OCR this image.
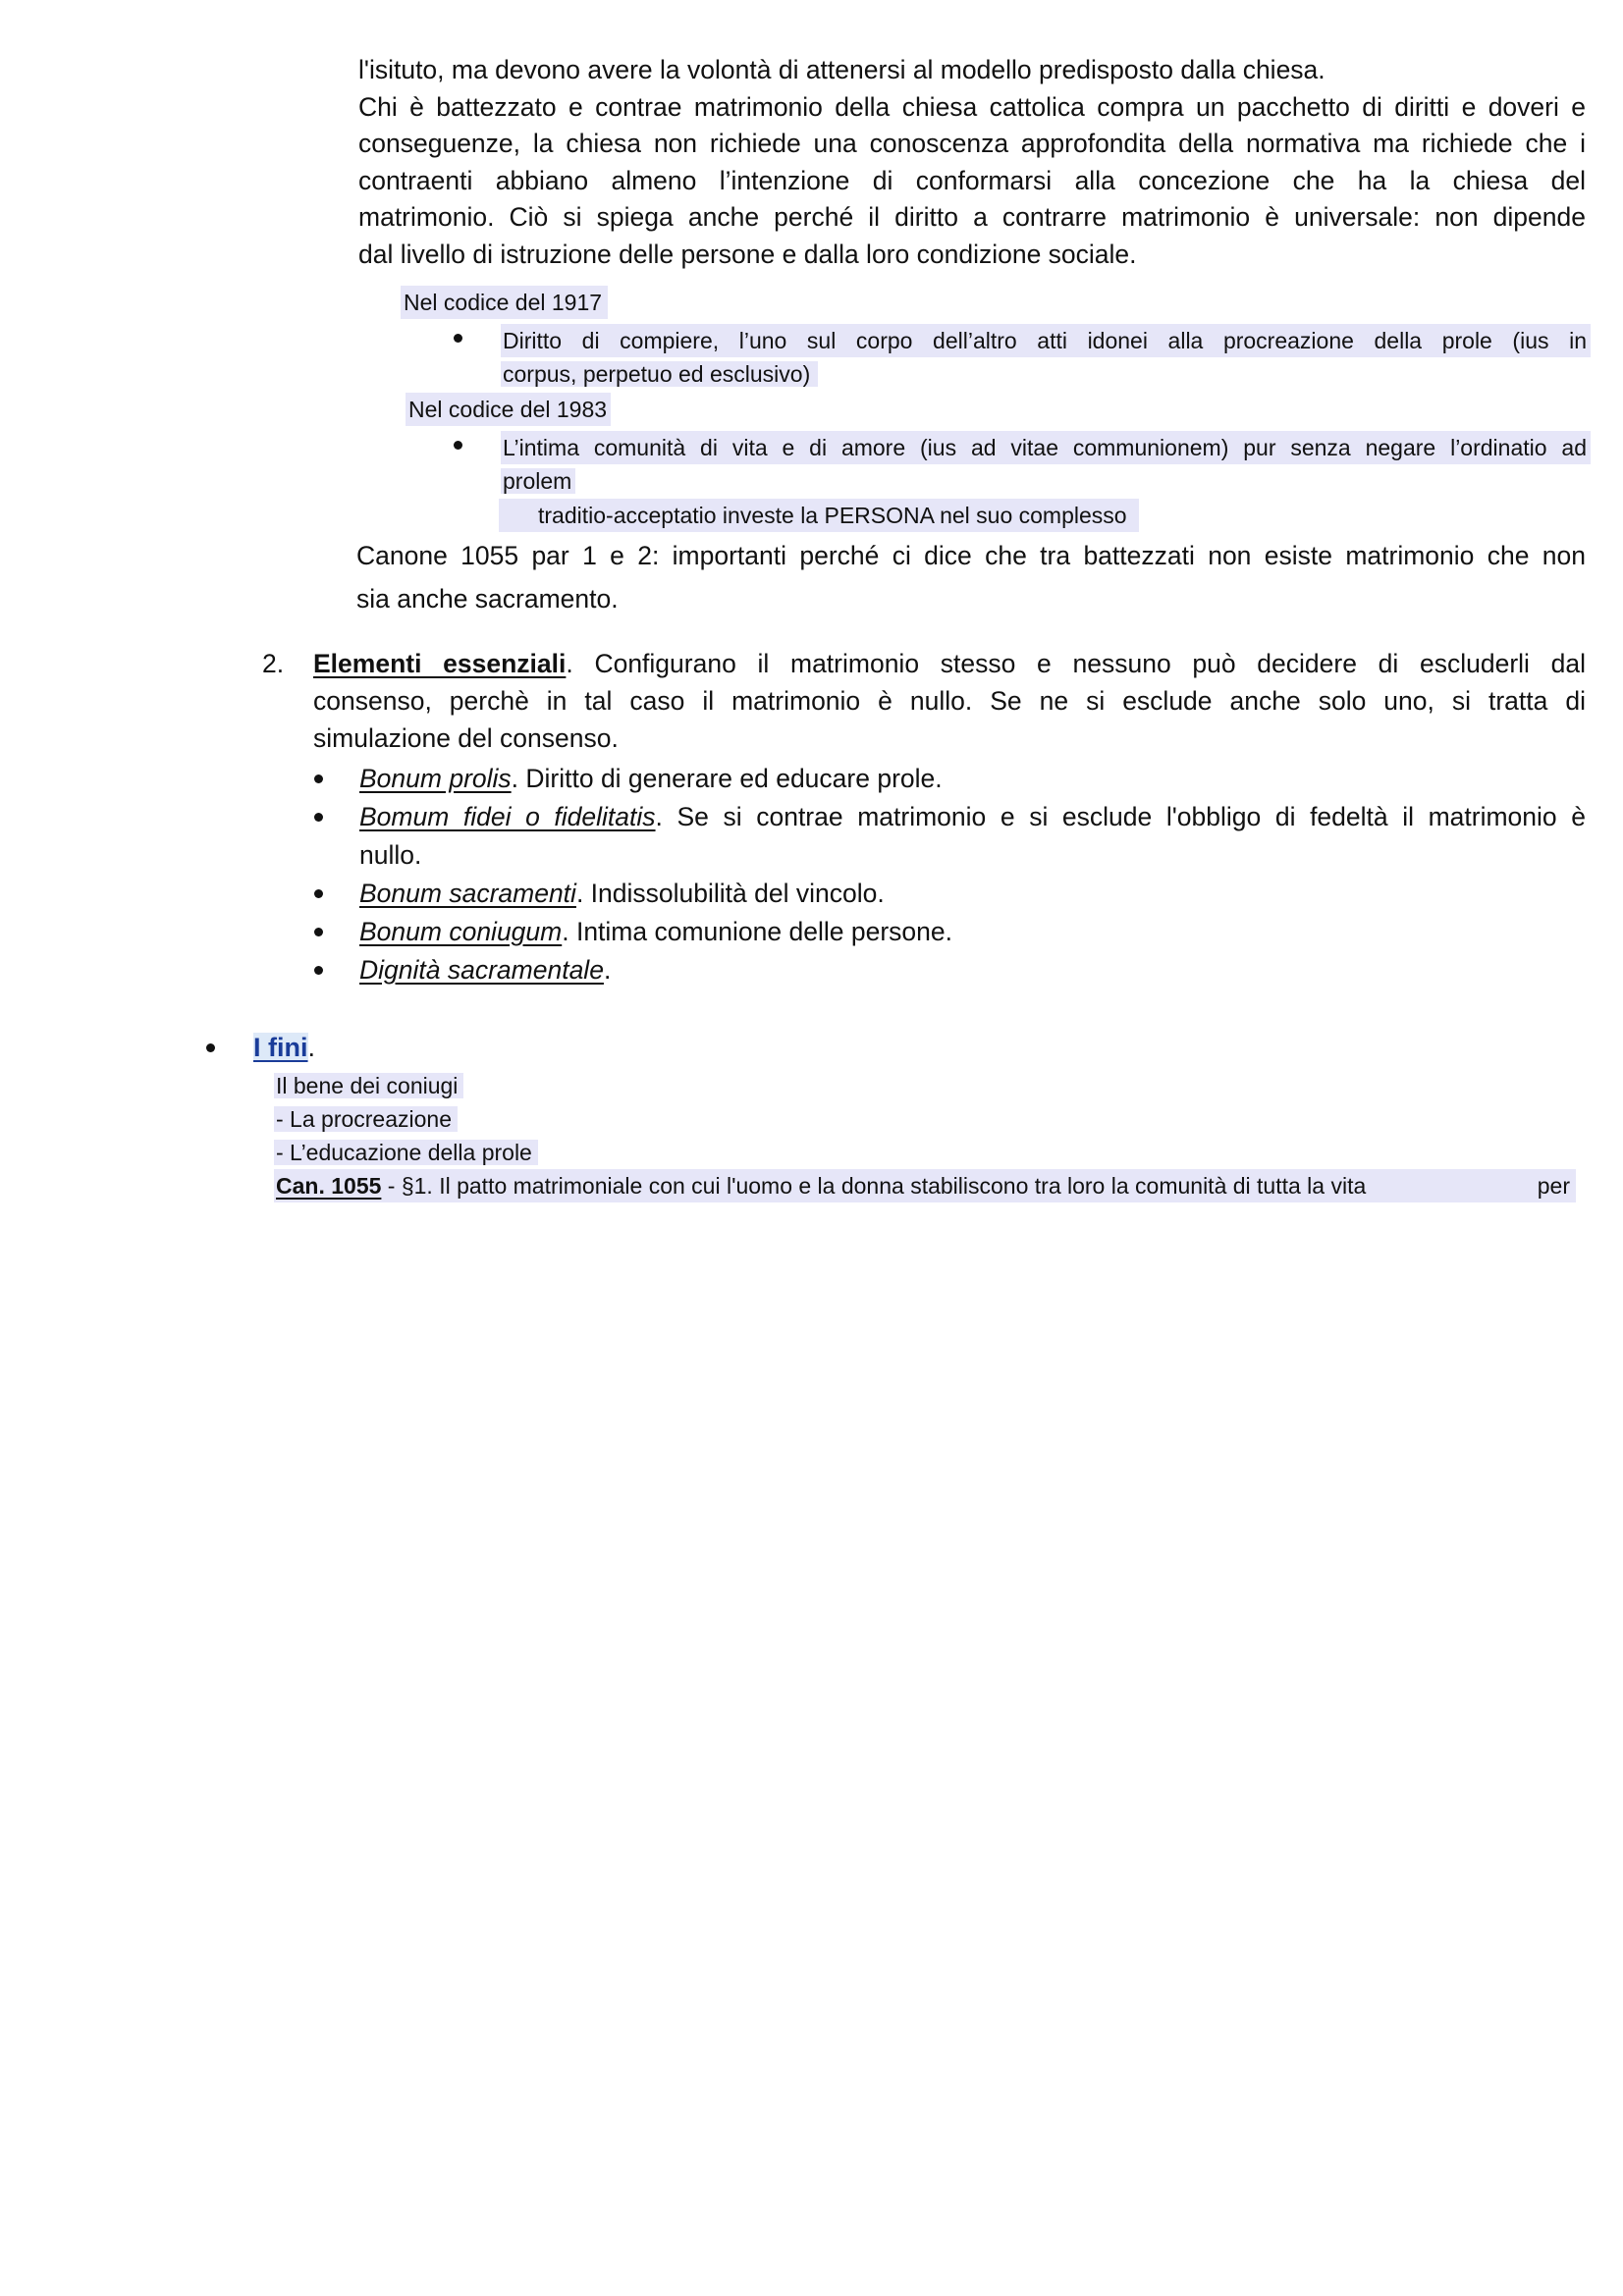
l'isituto, ma devono avere la volontà di attenersi al modello predisposto dalla chiesa.
Chi è battezzato e contrae matrimonio della chiesa cattolica compra un pacchetto di diritti e doveri e
conseguenze, la chiesa non richiede una conoscenza approfondita della normativa ma richiede che i
contraenti abbiano almeno l’intenzione di conformarsi alla concezione che ha la chiesa del
matrimonio. Ciò si spiega anche perché il diritto a contrarre matrimonio è universale: non dipende
dal livello di istruzione delle persone e dalla loro condizione sociale.
Nel codice del 1917
Diritto di compiere, l’uno sul corpo dell’altro atti idonei alla procreazione della prole (ius in
corpus, perpetuo ed esclusivo)
Nel codice del 1983
L’intima comunità di vita e di amore (ius ad vitae communionem) pur senza negare l’ordinatio ad
prolem
traditio-acceptatio investe la PERSONA nel suo complesso
Canone 1055 par 1 e 2: importanti perché ci dice che tra battezzati non esiste matrimonio che non
sia anche sacramento.
2. Elementi essenziali. Configurano il matrimonio stesso e nessuno può decidere di escluderli dal
consenso, perchè in tal caso il matrimonio è nullo. Se ne si esclude anche solo uno, si tratta di
simulazione del consenso.
Bonum prolis. Diritto di generare ed educare prole.
Bomum fidei o fidelitatis. Se si contrae matrimonio e si esclude l'obbligo di fedeltà il matrimonio è
nullo.
Bonum sacramenti. Indissolubilità del vincolo.
Bonum coniugum. Intima comunione delle persone.
Dignità sacramentale.
I fini.
Il bene dei coniugi
- La procreazione
- L’educazione della prole
Can. 1055 - §1. Il patto matrimoniale con cui l'uomo e la donna stabiliscono tra loro la comunità di tutta la vita	per
